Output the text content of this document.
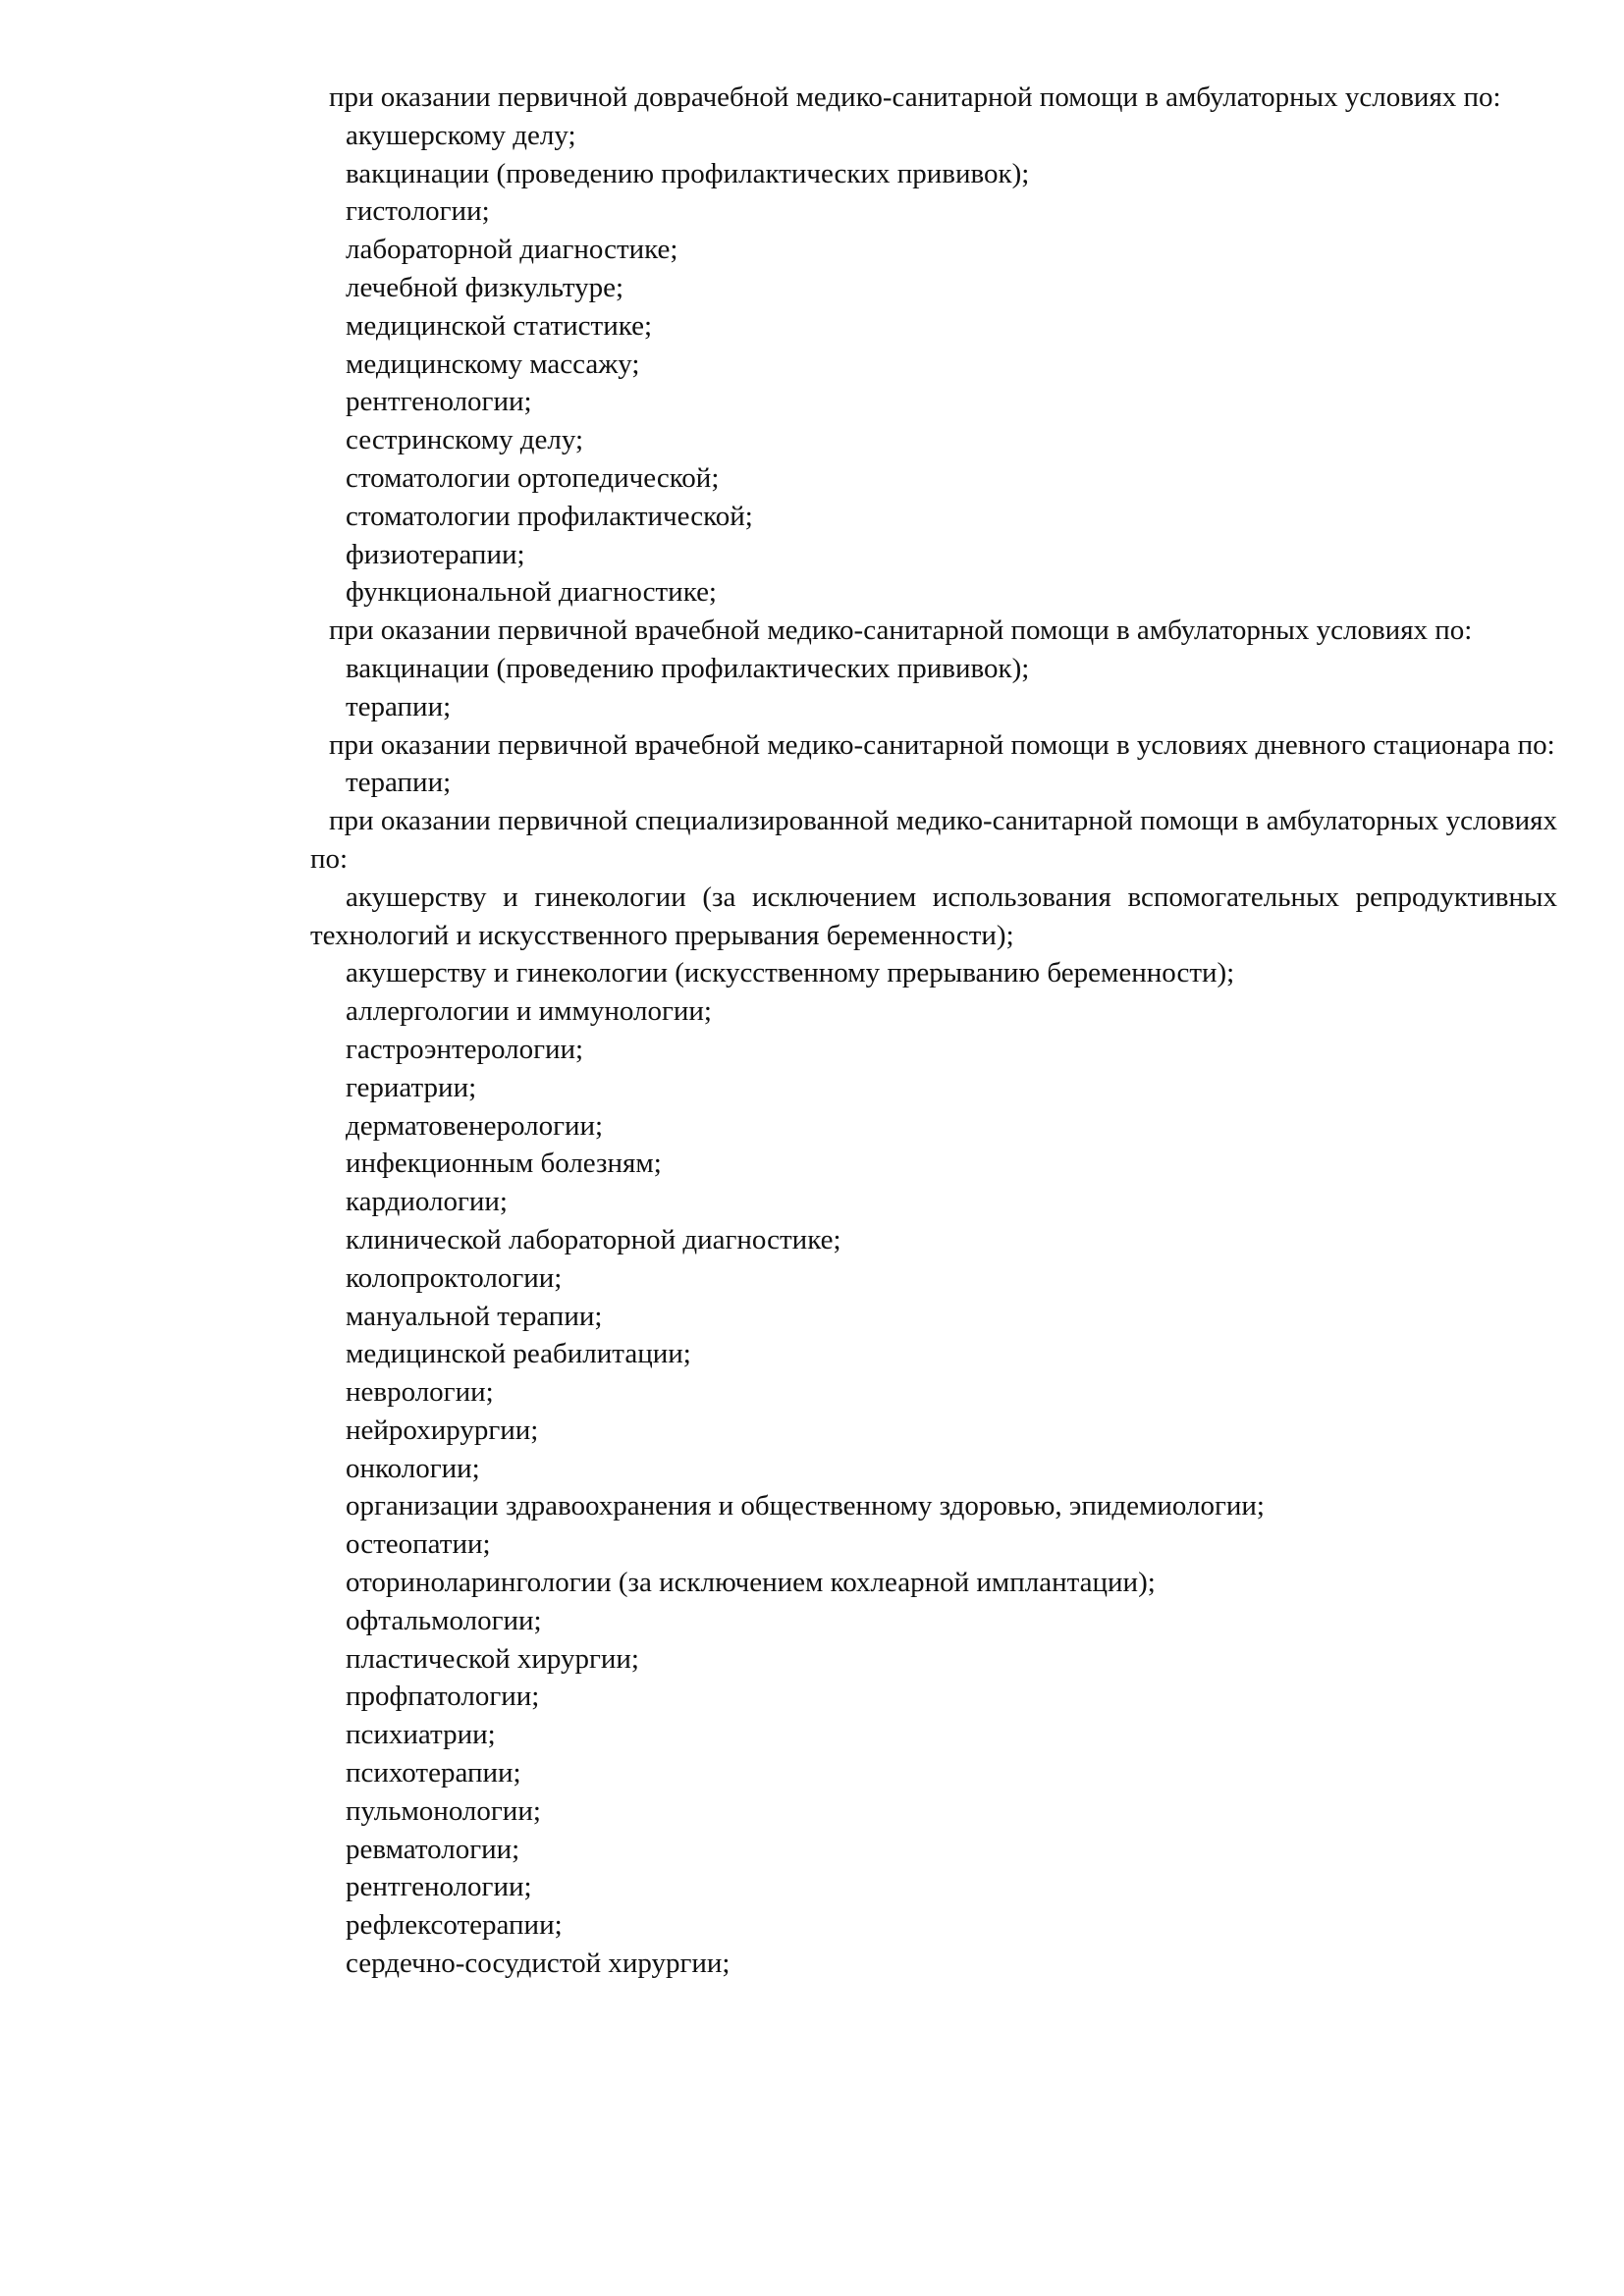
при оказании первичной доврачебной медико-санитарной помощи в амбулаторных условиях по:

акушерскому делу;

вакцинации (проведению профилактических прививок);

гистологии;

лабораторной диагностике;

лечебной физкультуре;

медицинской статистике;

медицинскому массажу;

рентгенологии;

сестринскому делу;

стоматологии ортопедической;

стоматологии профилактической;

физиотерапии;

функциональной диагностике;

при оказании первичной врачебной медико-санитарной помощи в амбулаторных условиях по:

вакцинации (проведению профилактических прививок);

терапии;

при оказании первичной врачебной медико-санитарной помощи в условиях дневного стационара по:

терапии;

при оказании первичной специализированной медико-санитарной помощи в амбулаторных условиях по:

акушерству и гинекологии (за исключением использования вспомогательных репродуктивных технологий и искусственного прерывания беременности);

акушерству и гинекологии (искусственному прерыванию беременности);

аллергологии и иммунологии;

гастроэнтерологии;

гериатрии;

дерматовенерологии;

инфекционным болезням;

кардиологии;

клинической лабораторной диагностике;

колопроктологии;

мануальной терапии;

медицинской реабилитации;

неврологии;

нейрохирургии;

онкологии;

организации здравоохранения и общественному здоровью, эпидемиологии;

остеопатии;

оториноларингологии (за исключением кохлеарной имплантации);

офтальмологии;

пластической хирургии;

профпатологии;

психиатрии;

психотерапии;

пульмонологии;

ревматологии;

рентгенологии;

рефлексотерапии;

сердечно-сосудистой хирургии;
